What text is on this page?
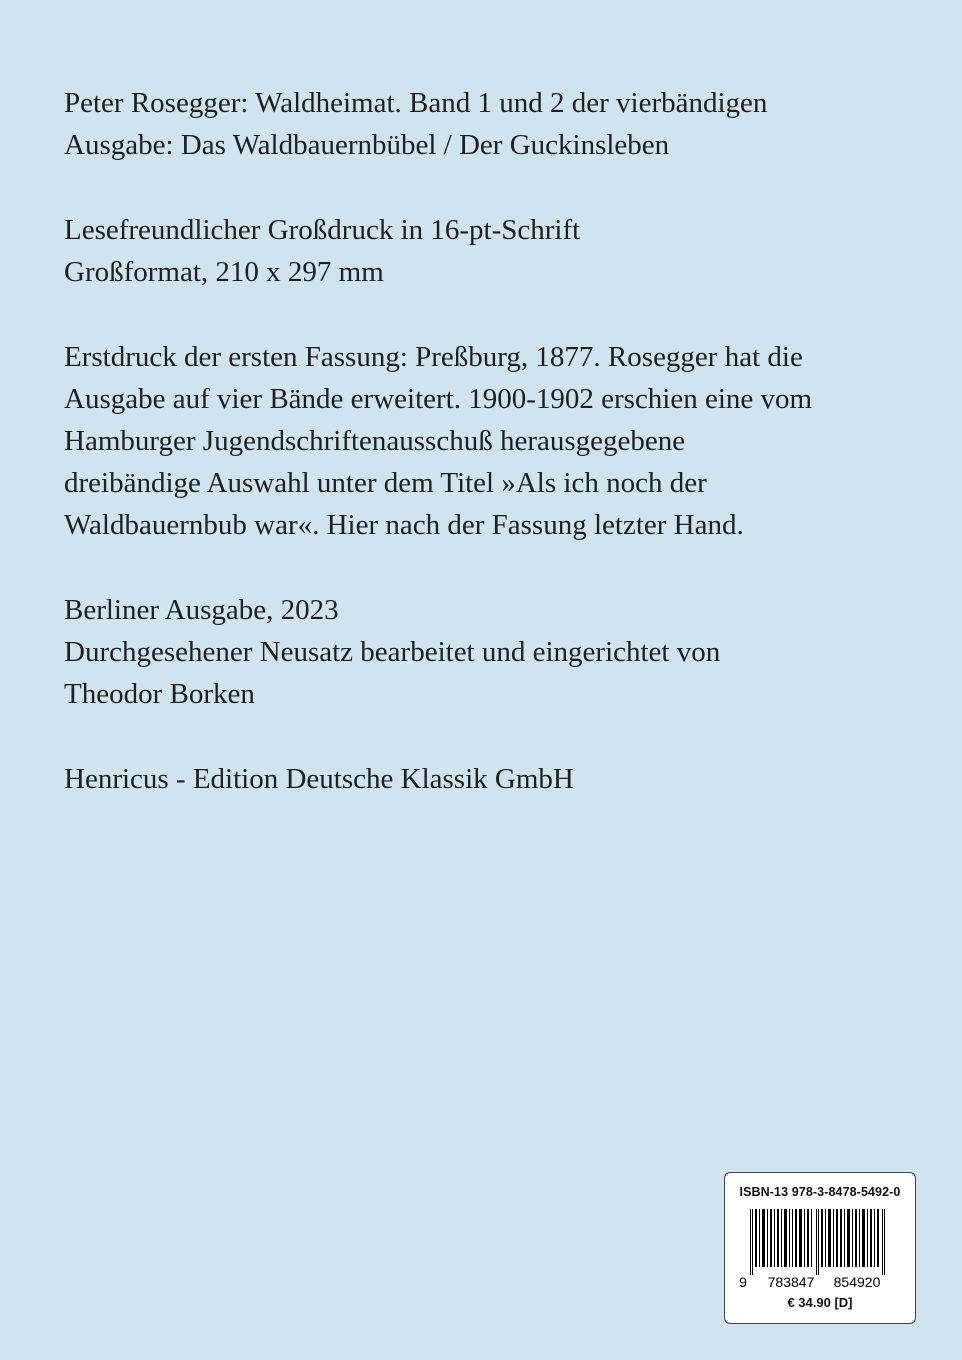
Peter Rosegger: Waldheimat. Band 1 und 2 der vierbändigen
Ausgabe: Das Waldbauernbübel / Der Guckinsleben

Lesefreundlicher Großdruck in 16-pt-Schrift
Großformat, 210 x 297 mm

Erstdruck der ersten Fassung: Preßburg, 1877. Rosegger hat die
Ausgabe auf vier Bände erweitert. 1900-1902 erschien eine vom
Hamburger Jugendschriftenausschuß herausgegebene
dreibändige Auswahl unter dem Titel »Als ich noch der
Waldbauernbub war«. Hier nach der Fassung letzter Hand.

Berliner Ausgabe, 2023
Durchgesehener Neusatz bearbeitet und eingerichtet von
Theodor Borken

Henricus - Edition Deutsche Klassik GmbH

ISBN-13 978-3-8478-5492-0
9 783847 854920
€ 34.90 [D]
